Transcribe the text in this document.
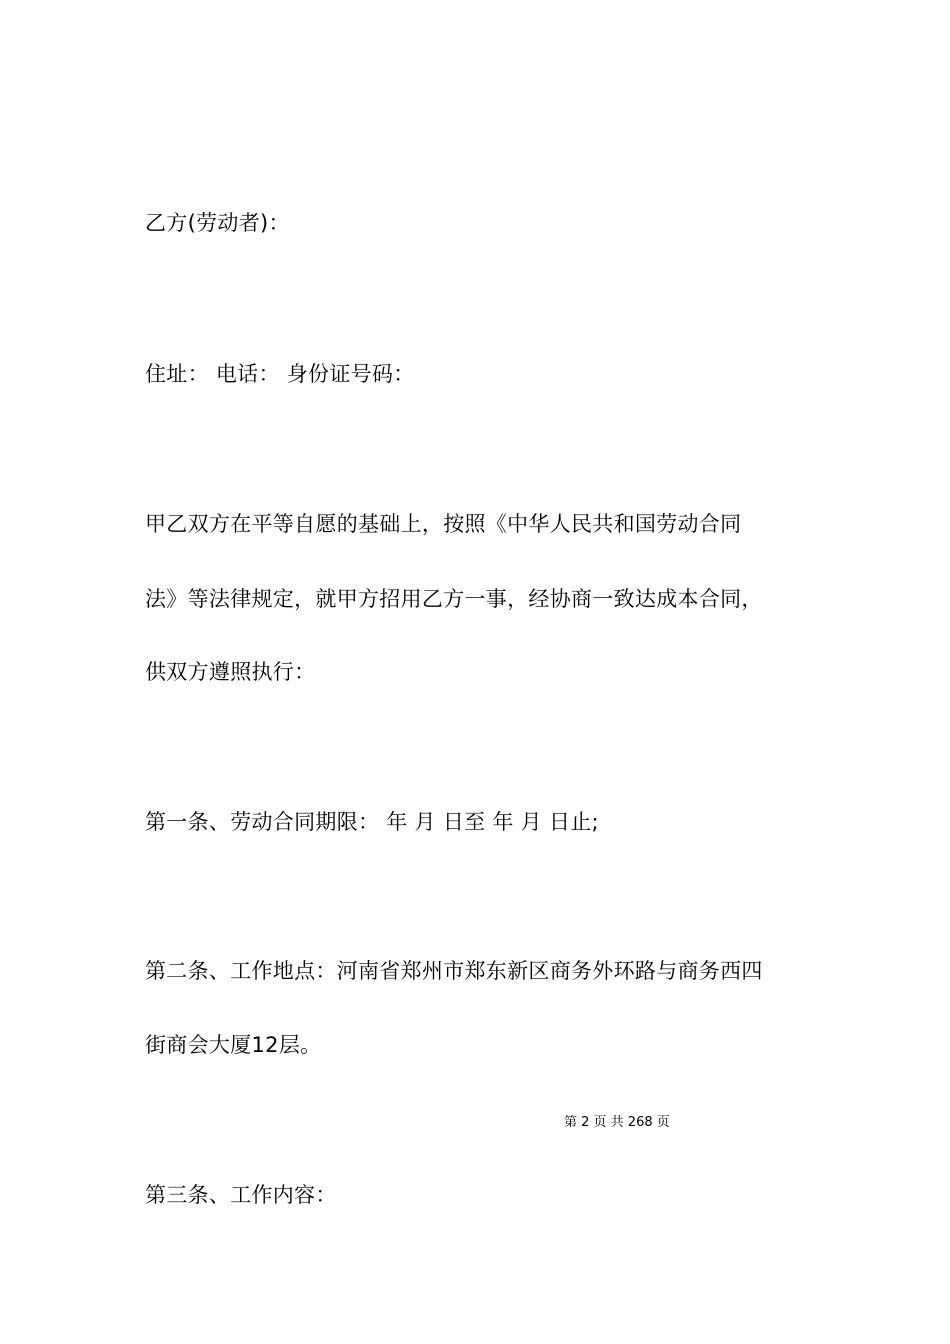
乙方(劳动者)：
住址： 电话： 身份证号码：
甲乙双方在平等自愿的基础上，按照《中华人民共和国劳动合同
法》等法律规定，就甲方招用乙方一事，经协商一致达成本合同，
供双方遵照执行：
第一条、劳动合同期限： 年 月 日至 年 月 日止;
第二条、工作地点：河南省郑州市郑东新区商务外环路与商务西四
街商会大厦12层。
第 2 页 共 268 页
第三条、工作内容：
